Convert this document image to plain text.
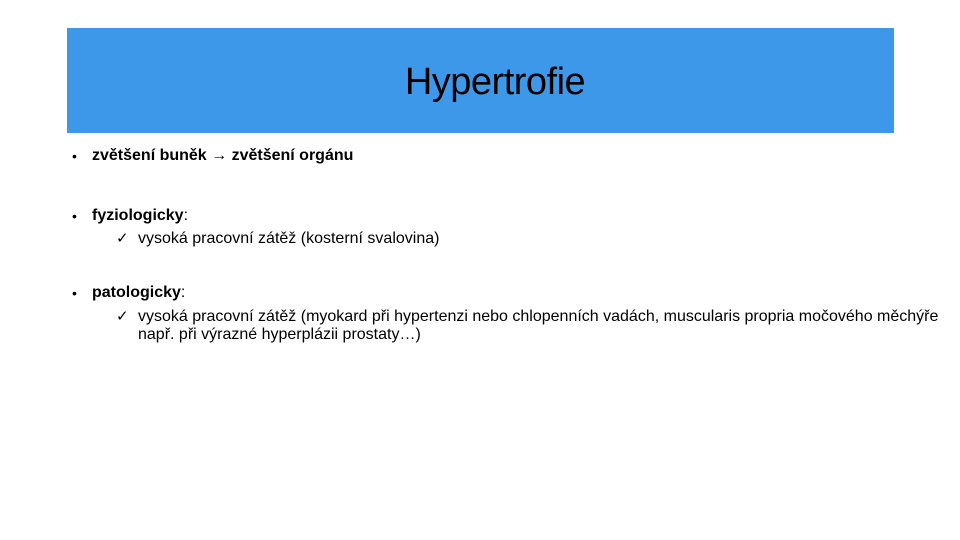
Hypertrofie
• zvětšení buněk → zvětšení orgánu
• fyziologicky:
✓ vysoká pracovní zátěž (kosterní svalovina)
• patologicky:
✓ vysoká pracovní zátěž (myokard při hypertenzi nebo chlopenních vadách, muscularis propria močového měchýře např. při výrazné hyperplázii prostaty…)
